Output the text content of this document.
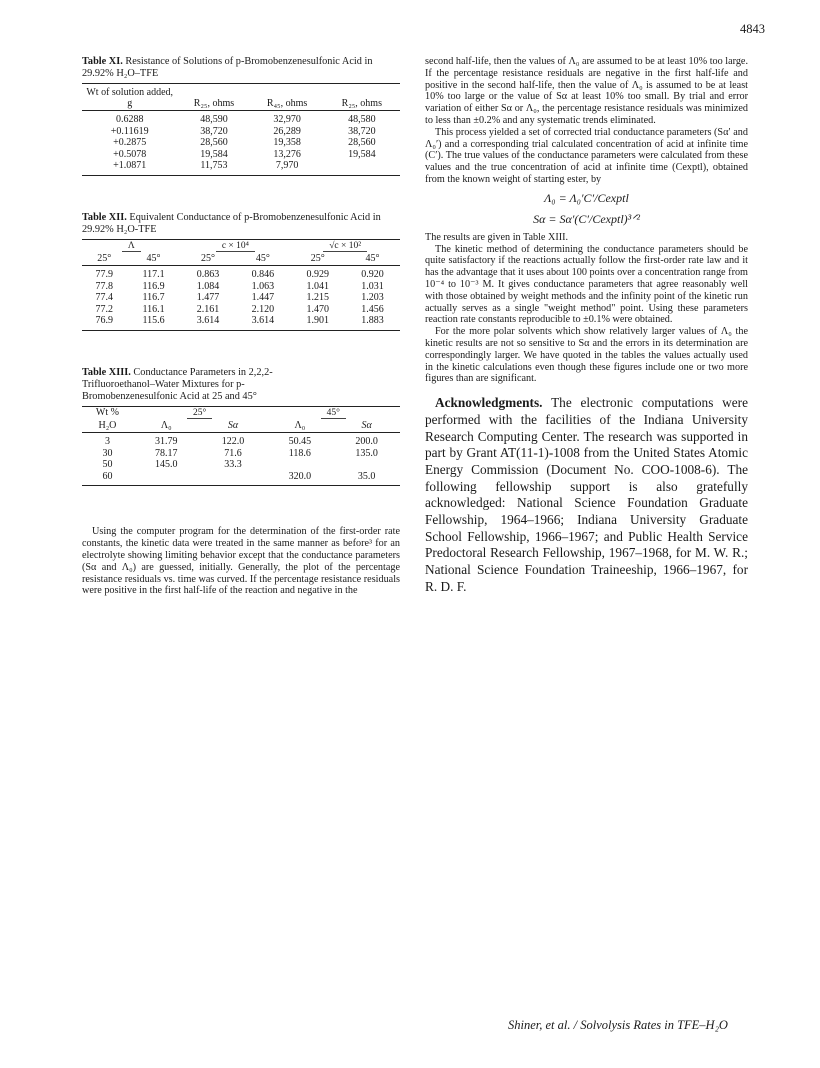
4843
Table XI. Resistance of Solutions of p-Bromobenzenesulfonic Acid in 29.92% H₂O–TFE
Wt of solution added, g	R₂₅, ohms	R₄₅, ohms	R₂₅, ohms

0.6288	48,590	32,970	48,580
+0.11619	38,720	26,289	38,720
+0.2875	28,560	19,358	28,560
+0.5078	19,584	13,276	19,584
+1.0871	11,753	7,970	

Table XII. Equivalent Conductance of p-Bromobenzenesulfonic Acid in 29.92% H₂O-TFE
Λ		c × 10⁴		√c × 10²	
25°	45°	25°	45°	25°	45°

77.9	117.1	0.863	0.846	0.929	0.920
77.8	116.9	1.084	1.063	1.041	1.031
77.4	116.7	1.477	1.447	1.215	1.203
77.2	116.1	2.161	2.120	1.470	1.456
76.9	115.6	3.614	3.614	1.901	1.883

Table XIII. Conductance Parameters in 2,2,2-Trifluoroethanol–Water Mixtures for p-Bromobenzenesulfonic Acid at 25 and 45°
Wt %	25°		45°	
H₂O	Λ₀	Sα	Λ₀	Sα

3	31.79	122.0	50.45	200.0
30	78.17	71.6	118.6	135.0
50	145.0	33.3		
60			320.0	35.0

Using the computer program for the determination of the first-order rate constants, the kinetic data were treated in the same manner as before³ for an electrolyte showing limiting behavior except that the conductance parameters (Sα and Λ₀) are guessed, initially. Generally, the plot of the percentage resistance residuals vs. time was curved. If the percentage resistance residuals were positive in the first half-life of the reaction and negative in the

second half-life, then the values of Λ₀ are assumed to be at least 10% too large. If the percentage resistance residuals are negative in the first half-life and positive in the second half-life, then the value of Λ₀ is assumed to be at least 10% too large or the value of Sα at least 10% too small. By trial and error variation of either Sα or Λ₀, the percentage resistance residuals was minimized to less than ±0.2% and any systematic trends eliminated.

This process yielded a set of corrected trial conductance parameters (Sα′ and Λ₀′) and a corresponding trial calculated concentration of acid at infinite time (C′). The true values of the conductance parameters were calculated from these values and the true concentration of acid at infinite time (Cexptl), obtained from the known weight of starting ester, by

Λ₀ = Λ₀′C′/Cexptl
Sα = Sα′(C′/Cexptl)³ᐟ²

The results are given in Table XIII.

The kinetic method of determining the conductance parameters should be quite satisfactory if the reactions actually follow the first-order rate law and it has the advantage that it uses about 100 points over a concentration range from 10⁻⁴ to 10⁻³ M. It gives conductance parameters that agree reasonably well with those obtained by weight methods and the infinity point of the kinetic run actually serves as a single "weight method" point. Using these parameters reaction rate constants reproducible to ±0.1% were obtained.

For the more polar solvents which show relatively larger values of Λ₀ the kinetic results are not so sensitive to Sα and the errors in its determination are correspondingly larger. We have quoted in the tables the values actually used in the kinetic calculations even though these figures include one or two more figures than are significant.

Acknowledgments. The electronic computations were performed with the facilities of the Indiana University Research Computing Center. The research was supported in part by Grant AT(11-1)-1008 from the United States Atomic Energy Commission (Document No. COO-1008-6). The following fellowship support is also gratefully acknowledged: National Science Foundation Graduate Fellowship, 1964–1966; Indiana University Graduate School Fellowship, 1966–1967; and Public Health Service Predoctoral Research Fellowship, 1967–1968, for M. W. R.; National Science Foundation Traineeship, 1966–1967, for R. D. F.
Shiner, et al. / Solvolysis Rates in TFE–H₂O
